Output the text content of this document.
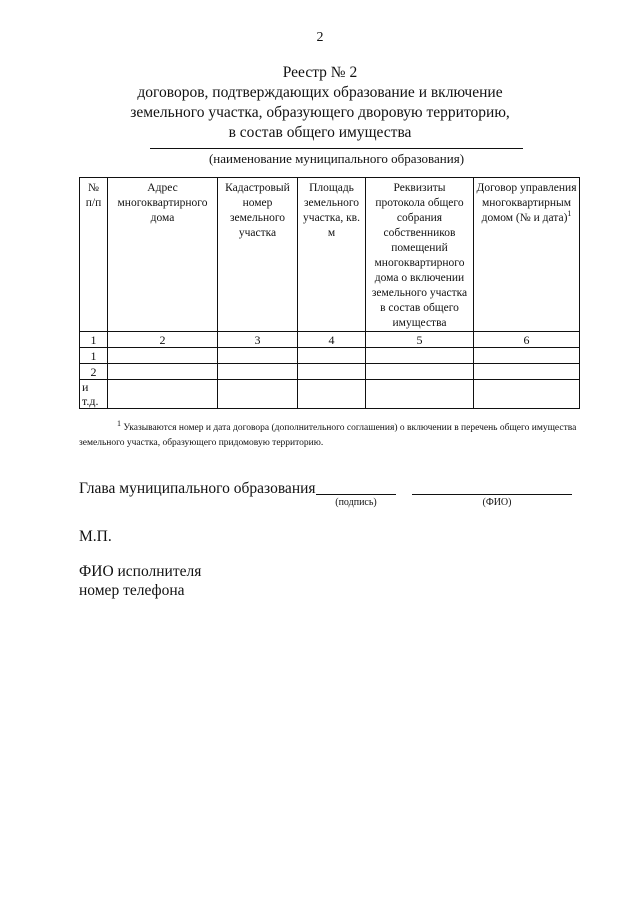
2
Реестр № 2
договоров, подтверждающих образование и включение
земельного участка, образующего дворовую территорию,
в состав общего имущества
(наименование муниципального образования)
№ п/п	Адрес многоквартирного дома	Кадастровый номер земельного участка	Площадь земельного участка, кв. м	Реквизиты протокола общего собрания собственников помещений многоквартирного дома о включении земельного участка в состав общего имущества	Договор управления многоквартирным домом (№ и дата)$^1$
1	2	3	4	5	6
1					
2					
и т.д.					
$^1$ Указываются номер и дата договора (дополнительного соглашения) о включении в перечень общего имущества земельного участка, образующего придомовую территорию.
Глава муниципального образования
(подпись)	(ФИО)
М.П.
ФИО исполнителя
номер телефона
